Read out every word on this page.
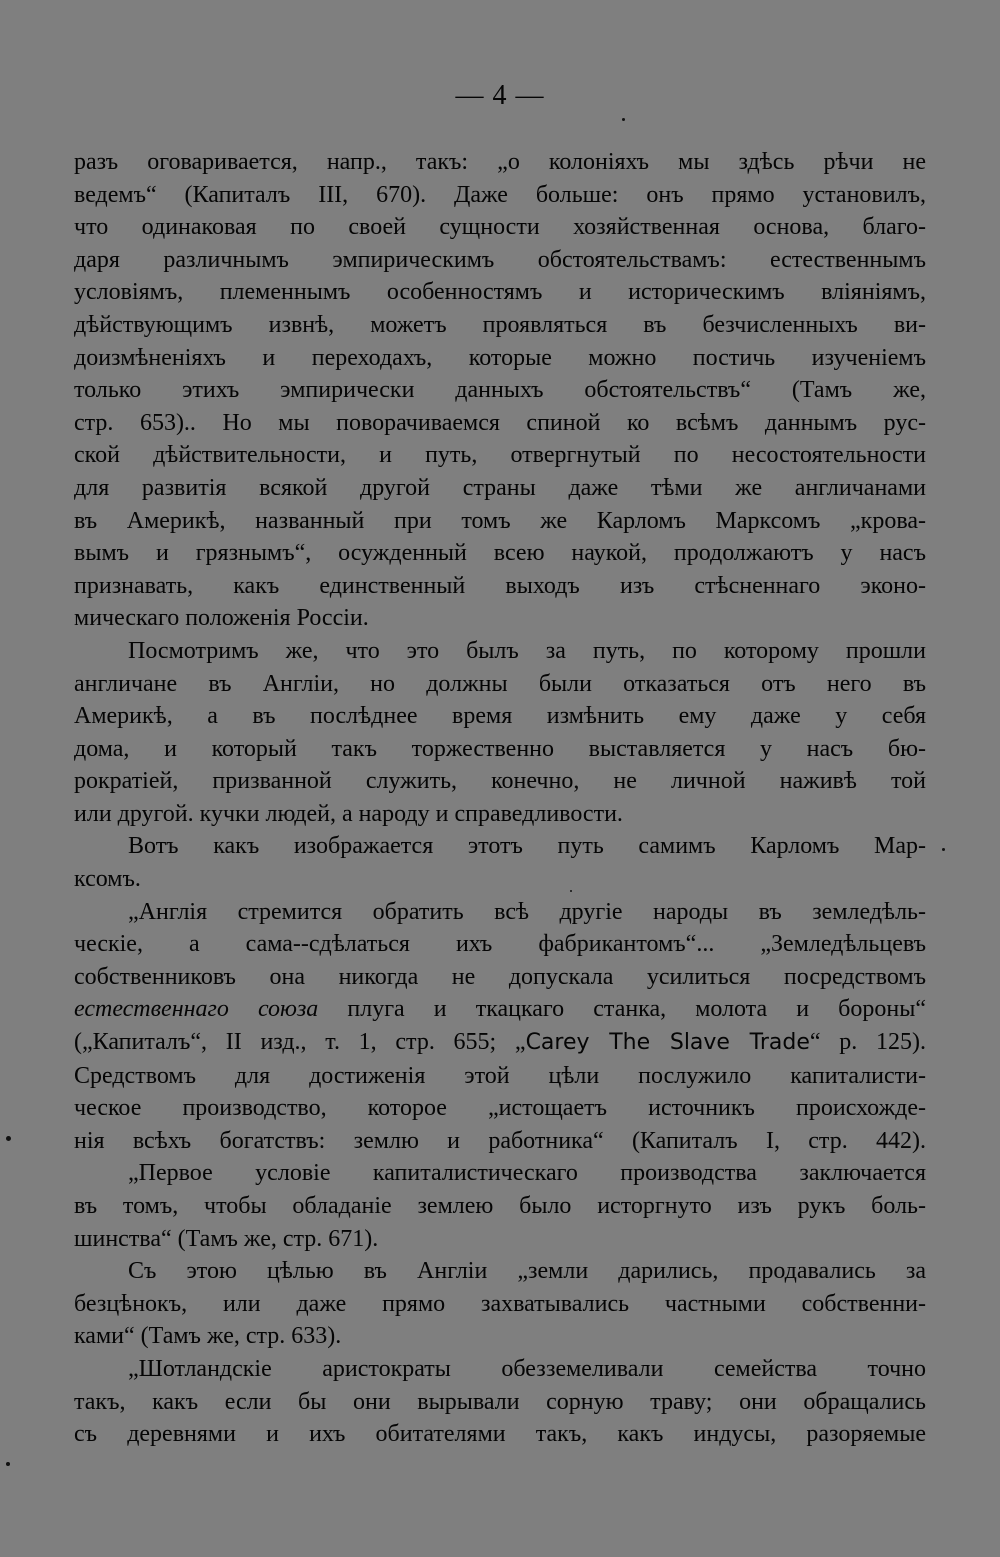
— 4 —
разъ оговаривается, напр., такъ: „о колоніяхъ мы здѣсь рѣчи не
ведемъ“ (Капиталъ III, 670). Даже больше: онъ прямо установилъ,
что одинаковая по своей сущности хозяйственная основа, благо-
даря различнымъ эмпирическимъ обстоятельствамъ: естественнымъ
условіямъ, племеннымъ особенностямъ и историческимъ вліяніямъ,
дѣйствующимъ извнѣ, можетъ проявляться въ безчисленныхъ ви-
доизмѣненіяхъ и переходахъ, которые можно постичь изученіемъ
только этихъ эмпирически данныхъ обстоятельствъ“ (Тамъ же,
стр. 653).. Но мы поворачиваемся спиной ко всѣмъ даннымъ рус-
ской дѣйствительности, и путь, отвергнутый по несостоятельности
для развитія всякой другой страны даже тѣми же англичанами
въ Америкѣ, названный при томъ же Карломъ Марксомъ „крова-
вымъ и грязнымъ“, осужденный всею наукой, продолжаютъ у насъ
признавать, какъ единственный выходъ изъ стѣсненнаго эконо-
мическаго положенія Россіи.
Посмотримъ же, что это былъ за путь, по которому прошли
англичане въ Англіи, но должны были отказаться отъ него въ
Америкѣ, а въ послѣднее время измѣнить ему даже у себя
дома, и который такъ торжественно выставляется у насъ бю-
рократіей, призванной служить, конечно, не личной наживѣ той
или другой. кучки людей, а народу и справедливости.
Вотъ какъ изображается этотъ путь самимъ Карломъ Мар-
ксомъ.
„Англія стремится обратить всѣ другіе народы въ земледѣль-
ческіе, а сама--сдѣлаться ихъ фабрикантомъ“... „Земледѣльцевъ
собственниковъ она никогда не допускала усилиться посредствомъ
естественнаго союза плуга и ткацкаго станка, молота и бороны“
(„Капиталъ“, II изд., т. 1, стр. 655; „Carey The Slave Trade“ р. 125).
Средствомъ для достиженія этой цѣли послужило капиталисти-
ческое производство, которое „истощаетъ источникъ происхожде-
нія всѣхъ богатствъ: землю и работника“ (Капиталъ I, стр. 442).
„Первое условіе капиталистическаго производства заключается
въ томъ, чтобы обладаніе землею было исторгнуто изъ рукъ боль-
шинства“ (Тамъ же, стр. 671).
Съ этою цѣлью въ Англіи „земли дарились, продавались за
безцѣнокъ, или даже прямо захватывались частными собственни-
ками“ (Тамъ же, стр. 633).
„Шотландскіе аристократы обезземеливали семейства точно
такъ, какъ если бы они вырывали сорную траву; они обращались
съ деревнями и ихъ обитателями такъ, какъ индусы, разоряемые
